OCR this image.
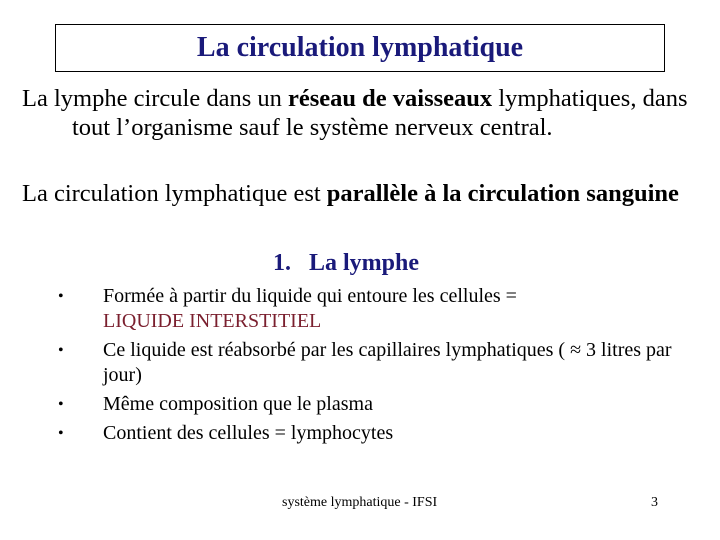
La circulation lymphatique

La lymphe circule dans un réseau de vaisseaux lymphatiques, dans tout l’organisme sauf le système nerveux central.

La circulation lymphatique est parallèle à la circulation sanguine

1. La lymphe
• Formée à partir du liquide qui entoure les cellules =
LIQUIDE INTERSTITIEL
• Ce liquide est réabsorbé par les capillaires lymphatiques ( ≈ 3 litres par jour)
• Même composition que le plasma
• Contient des cellules = lymphocytes
système lymphatique - IFSI	3
